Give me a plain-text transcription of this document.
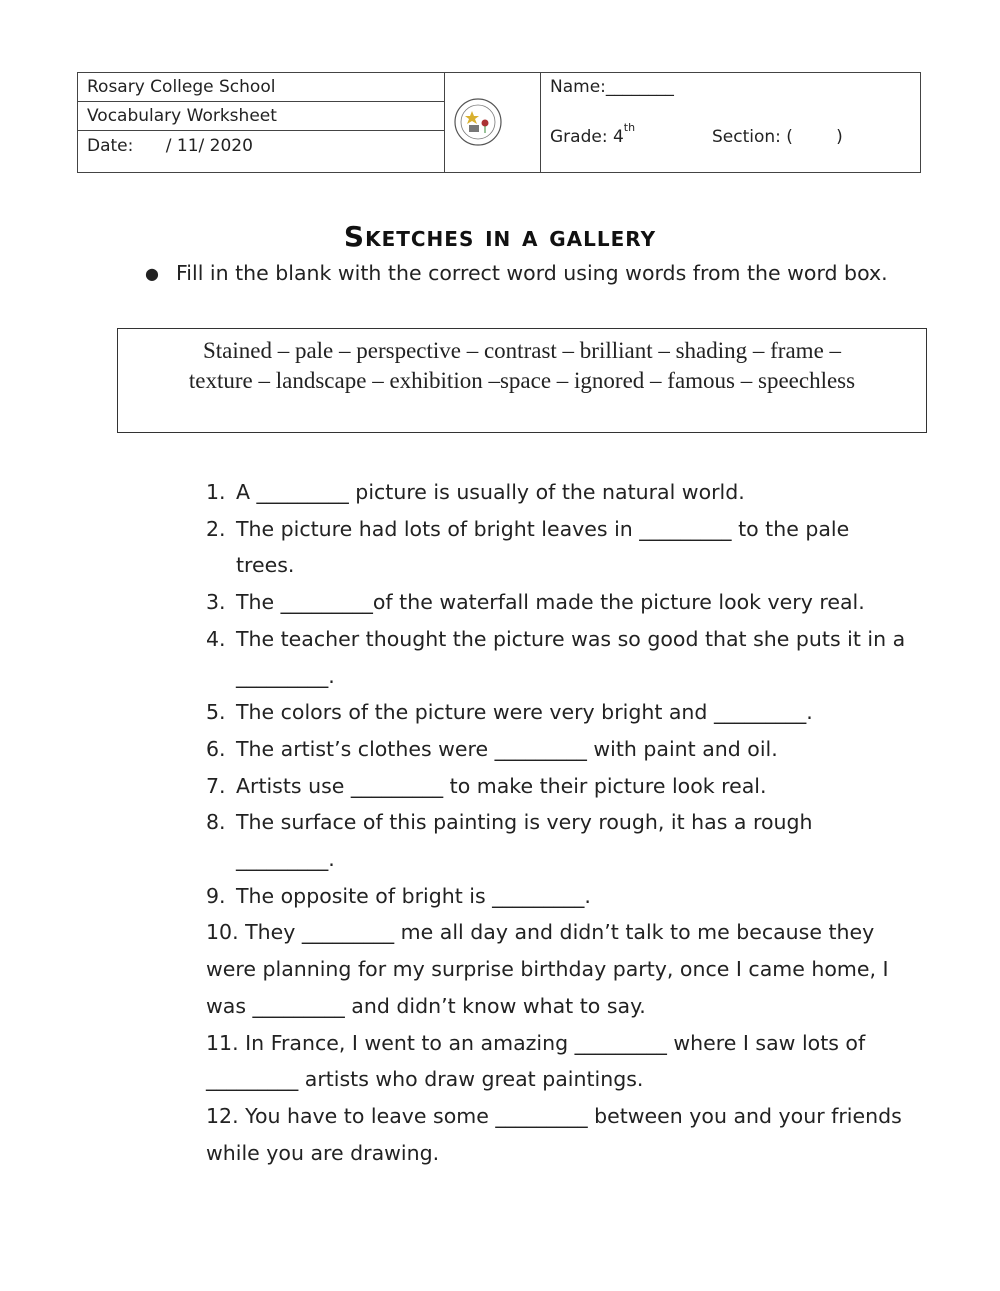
Rosary College School
Vocabulary Worksheet
Date:      / 11/ 2020
Name:________
Grade: 4th	Section: (        )
Sketches in a gallery
● Fill in the blank with the correct word using words from the word box.
Stained – pale – perspective – contrast – brilliant – shading – frame –
texture – landscape – exhibition –space – ignored – famous – speechless
1. A _________ picture is usually of the natural world.
2. The picture had lots of bright leaves in _________ to the pale trees.
3. The _________of the waterfall made the picture look very real.
4. The teacher thought the picture was so good that she puts it in a _________.
5. The colors of the picture were very bright and _________.
6. The artist’s clothes were _________ with paint and oil.
7. Artists use _________ to make their picture look real.
8. The surface of this painting is very rough, it has a rough _________.
9. The opposite of bright is _________.
10. They _________ me all day and didn’t talk to me because they were planning for my surprise birthday party, once I came home, I was _________ and didn’t know what to say.
11. In France, I went to an amazing _________ where I saw lots of _________ artists who draw great paintings.
12. You have to leave some _________ between you and your friends while you are drawing.
